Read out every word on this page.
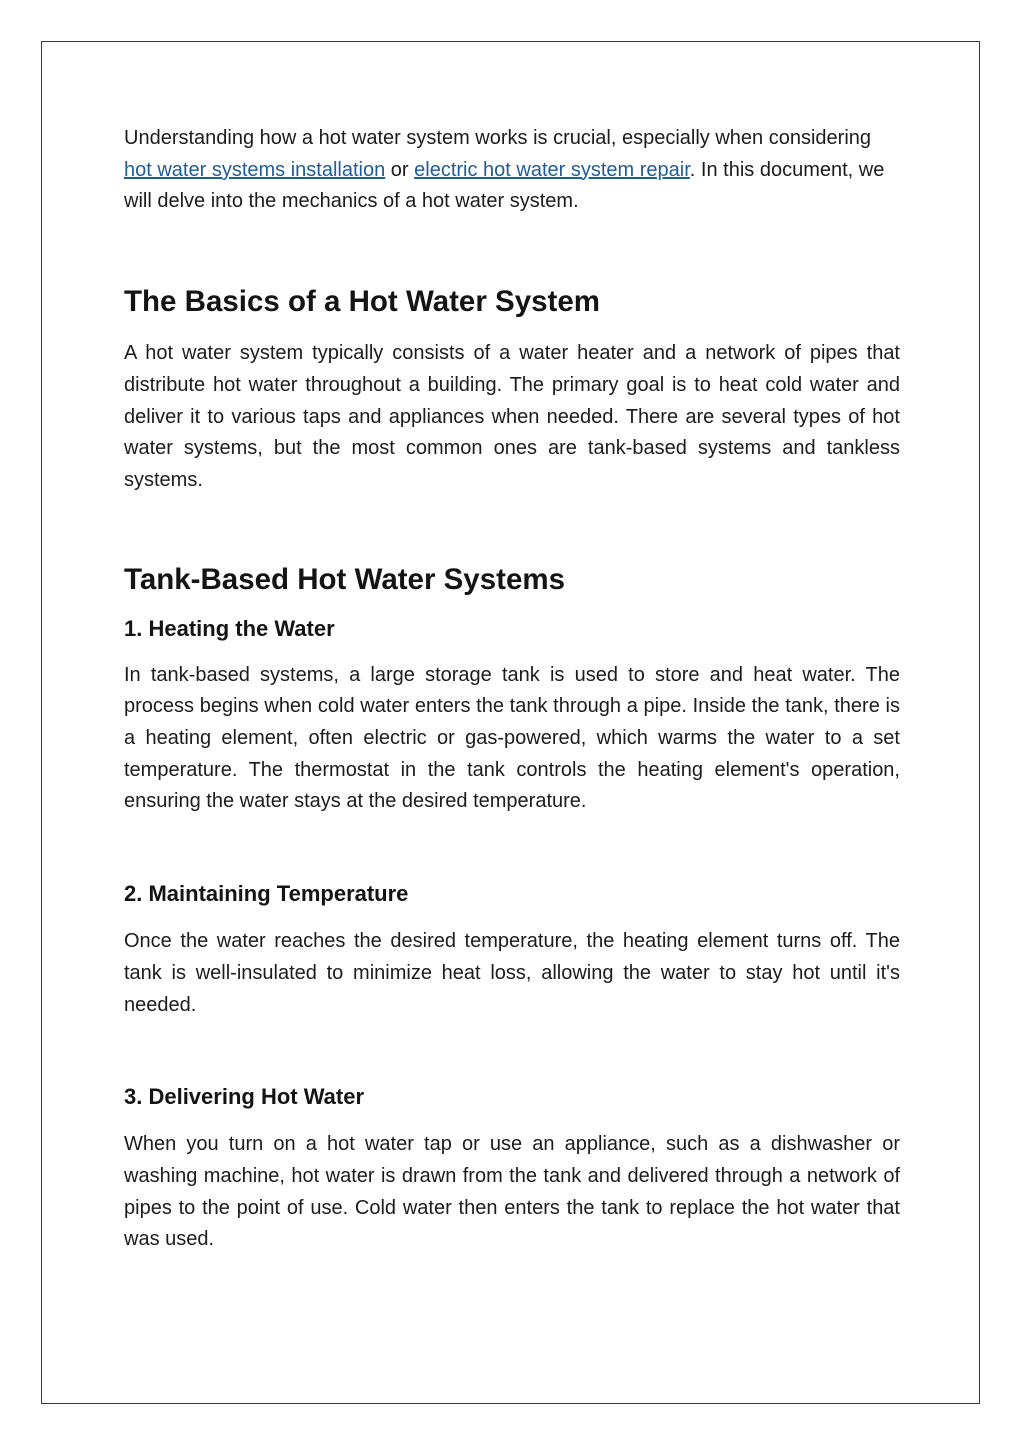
Understanding how a hot water system works is crucial, especially when considering hot water systems installation or electric hot water system repair. In this document, we will delve into the mechanics of a hot water system.

The Basics of a Hot Water System

A hot water system typically consists of a water heater and a network of pipes that distribute hot water throughout a building. The primary goal is to heat cold water and deliver it to various taps and appliances when needed. There are several types of hot water systems, but the most common ones are tank-based systems and tankless systems.

Tank-Based Hot Water Systems
1. Heating the Water

In tank-based systems, a large storage tank is used to store and heat water. The process begins when cold water enters the tank through a pipe. Inside the tank, there is a heating element, often electric or gas-powered, which warms the water to a set temperature. The thermostat in the tank controls the heating element's operation, ensuring the water stays at the desired temperature.

2. Maintaining Temperature

Once the water reaches the desired temperature, the heating element turns off. The tank is well-insulated to minimize heat loss, allowing the water to stay hot until it's needed.

3. Delivering Hot Water

When you turn on a hot water tap or use an appliance, such as a dishwasher or washing machine, hot water is drawn from the tank and delivered through a network of pipes to the point of use. Cold water then enters the tank to replace the hot water that was used.
